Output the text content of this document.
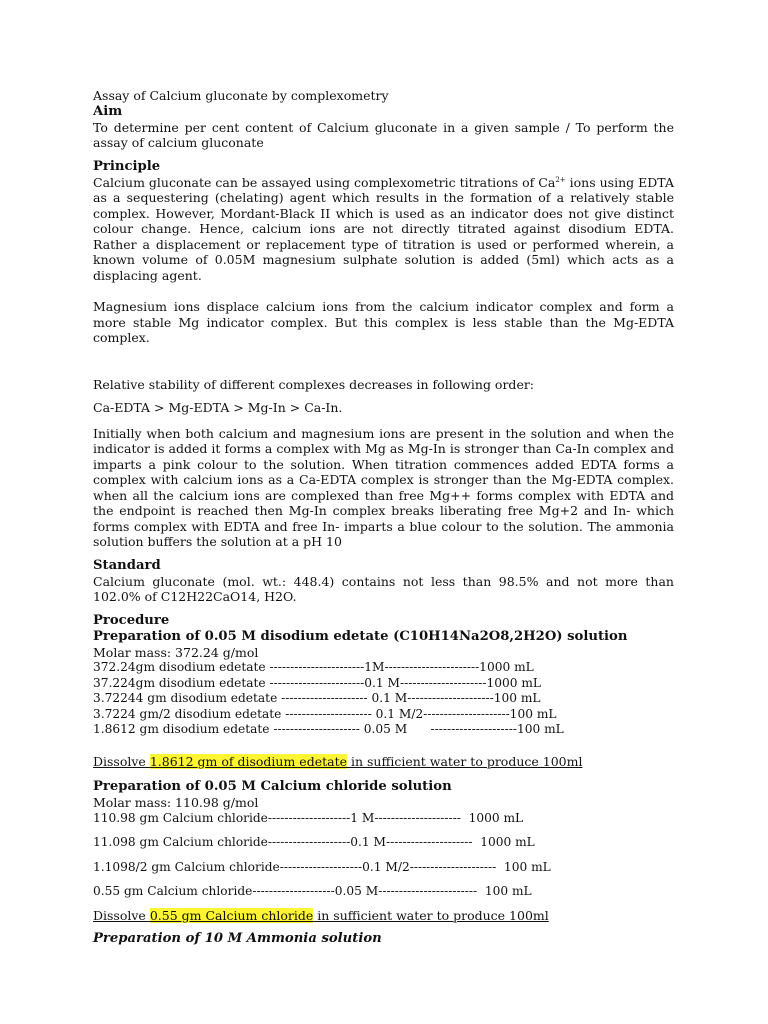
Assay of Calcium gluconate by complexometry

Aim

To determine per cent content of Calcium gluconate in a given sample / To perform the assay of calcium gluconate

Principle

Calcium gluconate can be assayed using complexometric titrations of $Ca^{2+}$ ions using EDTA as a sequestering (chelating) agent which results in the formation of a relatively stable complex. However, Mordant-Black II which is used as an indicator does not give distinct colour change. Hence, calcium ions are not directly titrated against disodium EDTA. Rather a displacement or replacement type of titration is used or performed wherein, a known volume of 0.05M magnesium sulphate solution is added (5ml) which acts as a displacing agent.

Magnesium ions displace calcium ions from the calcium indicator complex and form a more stable Mg indicator complex. But this complex is less stable than the Mg-EDTA complex.

Relative stability of different complexes decreases in following order:

Ca-EDTA > Mg-EDTA > Mg-In > Ca-In.

Initially when both calcium and magnesium ions are present in the solution and when the indicator is added it forms a complex with Mg as Mg-In is stronger than Ca-In complex and imparts a pink colour to the solution. When titration commences added EDTA forms a complex with calcium ions as a Ca-EDTA complex is stronger than the Mg-EDTA complex. when all the calcium ions are complexed than free Mg++ forms complex with EDTA and the endpoint is reached then Mg-In complex breaks liberating free Mg+2 and In- which forms complex with EDTA and free In- imparts a blue colour to the solution. The ammonia solution buffers the solution at a pH 10

Standard

Calcium gluconate (mol. wt.: 448.4) contains not less than 98.5% and not more than 102.0% of C12H22CaO14, H2O.

Procedure

Preparation of 0.05 M disodium edetate (C10H14Na2O8,2H2O) solution

Molar mass: 372.24 g/mol

372.24gm disodium edetate -----------------------1M-----------------------1000 mL

37.224gm disodium edetate -----------------------0.1 M---------------------1000 mL

3.72244 gm disodium edetate --------------------- 0.1 M---------------------100 mL

3.7224 gm/2 disodium edetate --------------------- 0.1 M/2---------------------100 mL

1.8612 gm disodium edetate --------------------- 0.05 M      ---------------------100 mL

Dissolve 1.8612 gm of disodium edetate in sufficient water to produce 100ml

Preparation of 0.05 M Calcium chloride solution

Molar mass: 110.98 g/mol

110.98 gm Calcium chloride--------------------1 M---------------------  1000 mL

11.098 gm Calcium chloride--------------------0.1 M---------------------  1000 mL

1.1098/2 gm Calcium chloride--------------------0.1 M/2---------------------  100 mL

0.55 gm Calcium chloride--------------------0.05 M------------------------  100 mL

Dissolve 0.55 gm Calcium chloride in sufficient water to produce 100ml

Preparation of 10 M Ammonia solution
